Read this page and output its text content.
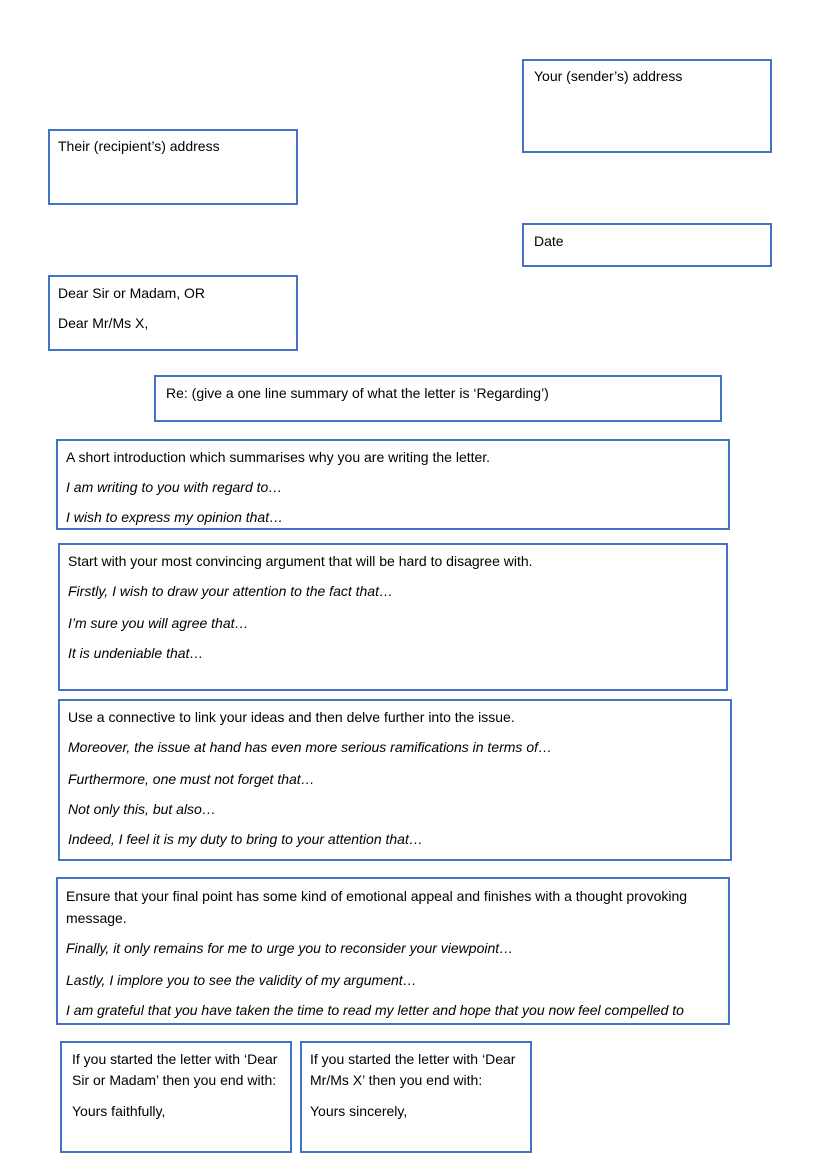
Your (sender’s) address

Their (recipient’s) address

Date

Dear Sir or Madam, OR

Dear Mr/Ms X,

Re: (give a one line summary of what the letter is ‘Regarding’)

A short introduction which summarises why you are writing the letter.

I am writing to you with regard to…

I wish to express my opinion that…

Start with your most convincing argument that will be hard to disagree with.

Firstly, I wish to draw your attention to the fact that…

I’m sure you will agree that…

It is undeniable that…

Use a connective to link your ideas and then delve further into the issue.

Moreover, the issue at hand has even more serious ramifications in terms of…

Furthermore, one must not forget that…

Not only this, but also…

Indeed, I feel it is my duty to bring to your attention that…

Ensure that your final point has some kind of emotional appeal and finishes with a thought provoking message.

Finally, it only remains for me to urge you to reconsider your viewpoint…

Lastly, I implore you to see the validity of my argument…

I am grateful that you have taken the time to read my letter and hope that you now feel compelled to

If you started the letter with ‘Dear Sir or Madam’ then you end with:

Yours faithfully,

If you started the letter with ‘Dear Mr/Ms X’ then you end with:

Yours sincerely,
